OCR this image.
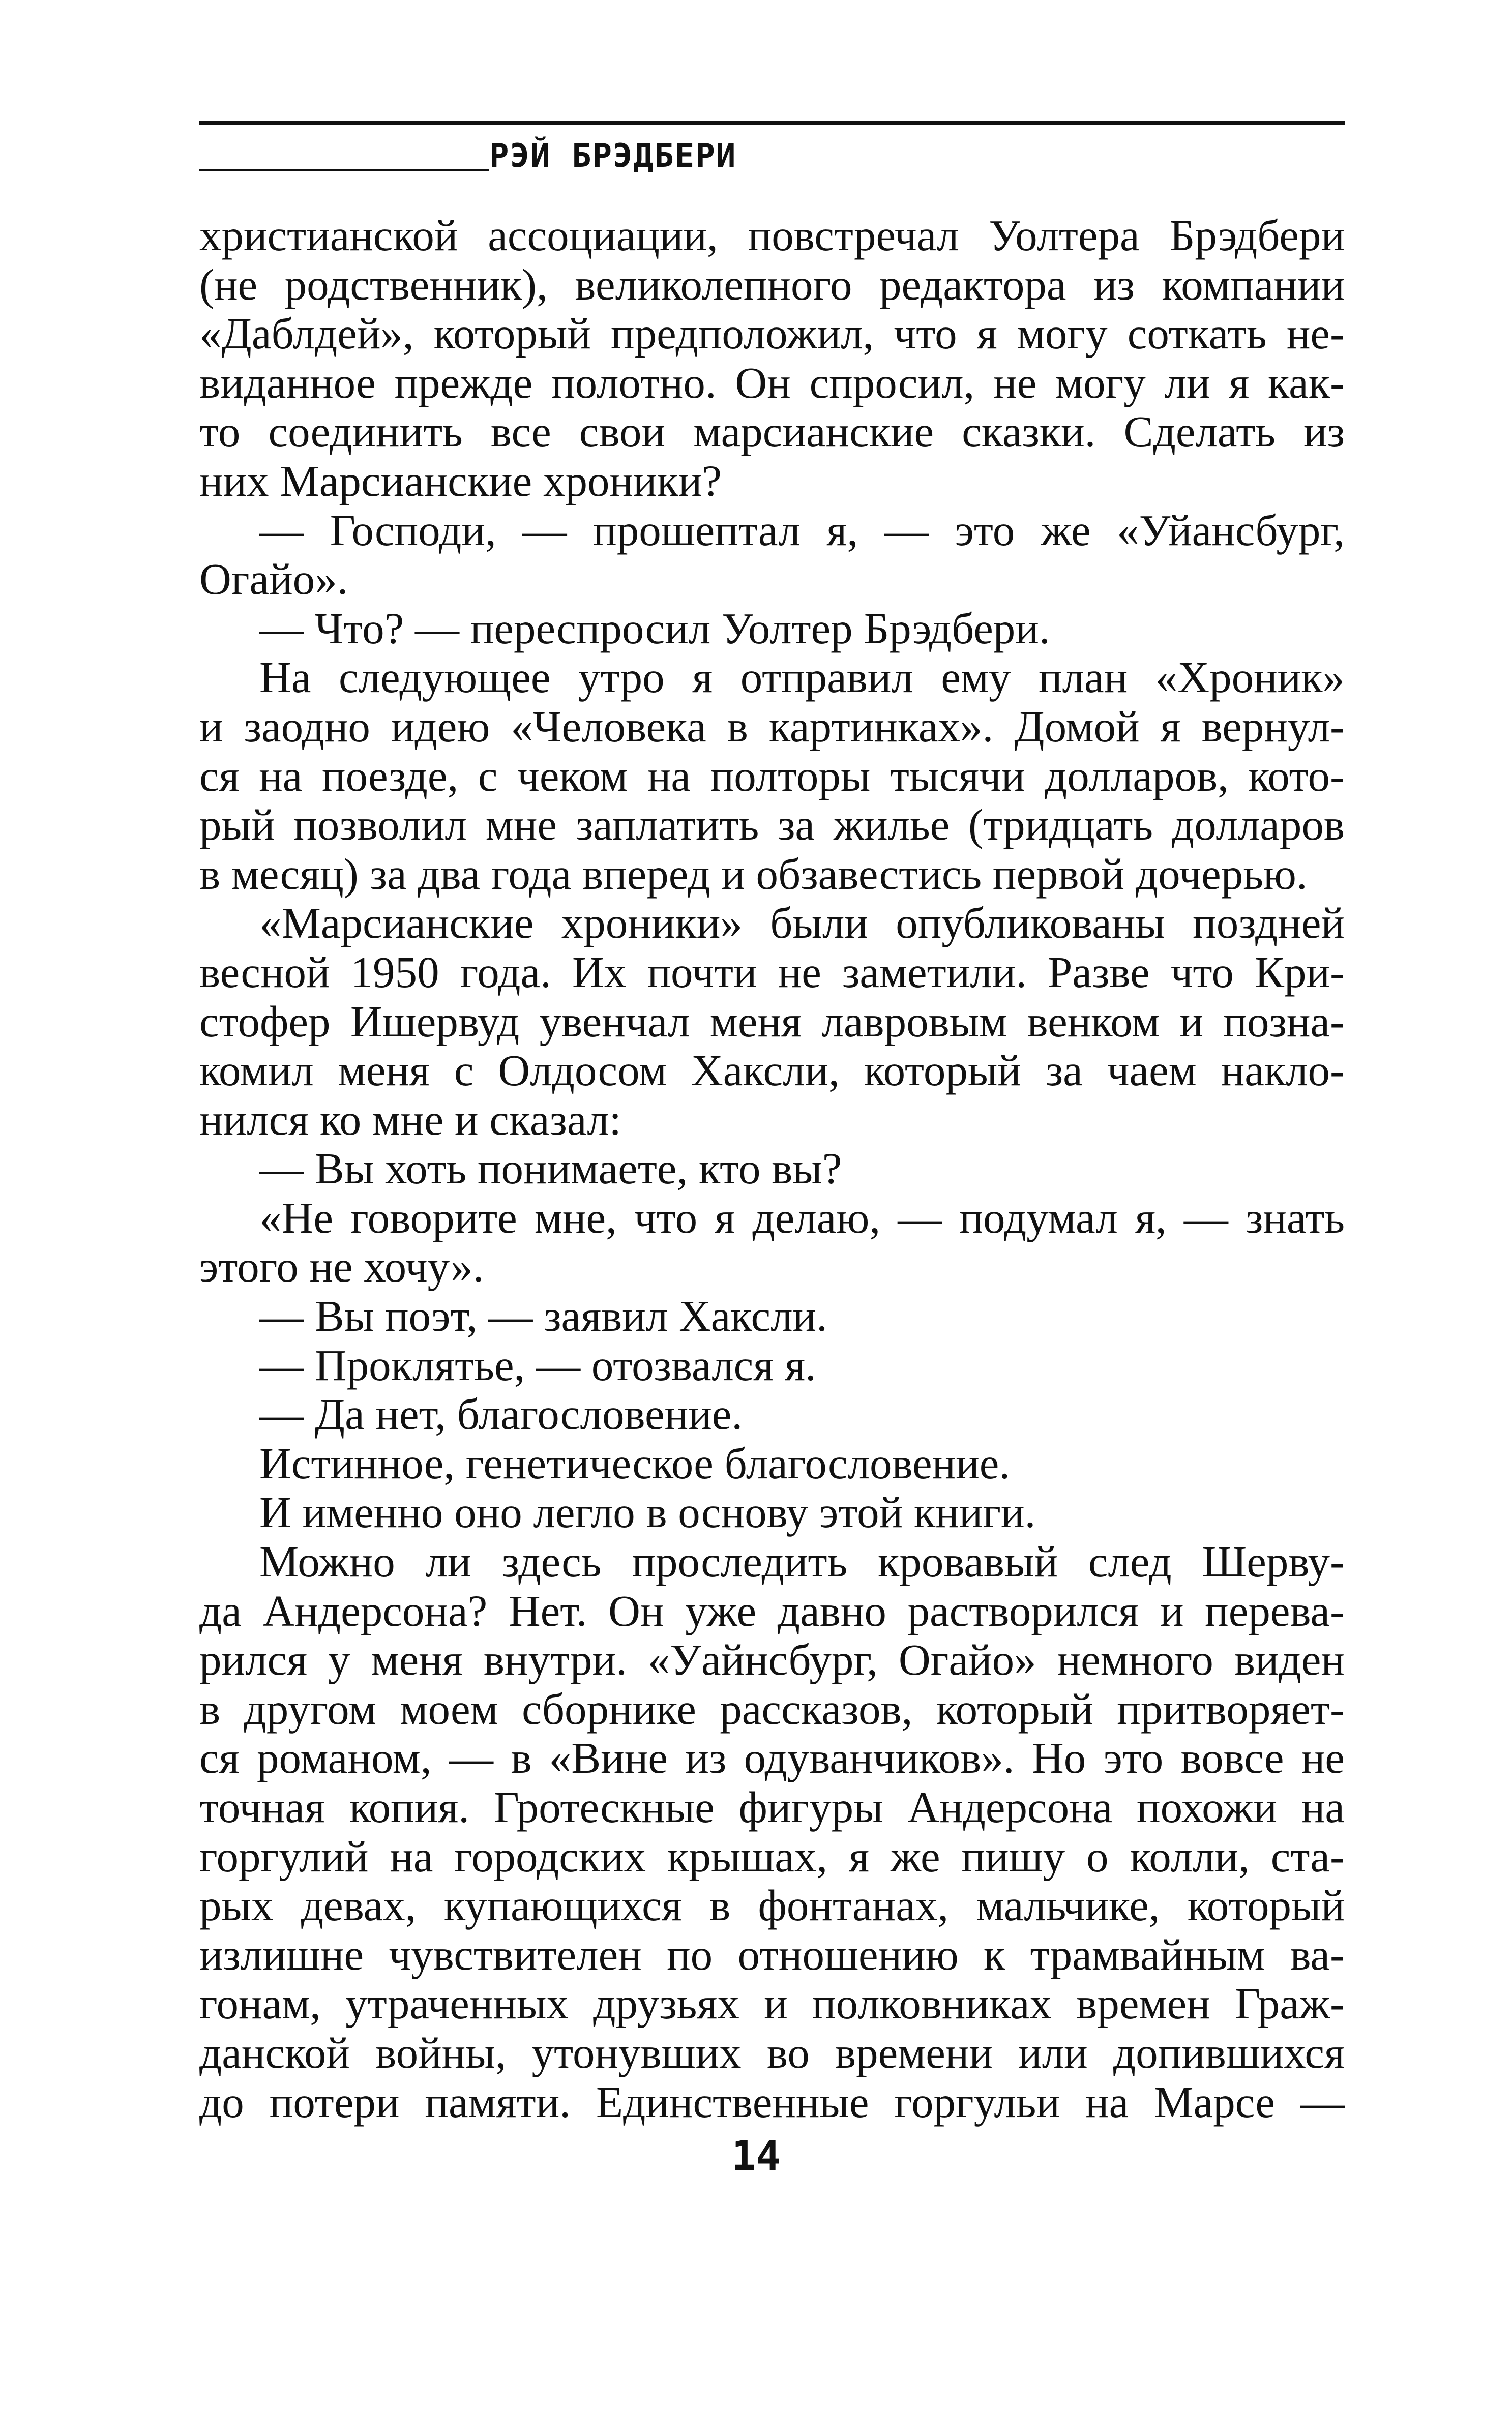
РЭЙ БРЭДБЕРИ
христианской ассоциации, повстречал Уолтера Брэдбери
(не родственник), великолепного редактора из компании
«Даблдей», который предположил, что я могу соткать не-
виданное прежде полотно. Он спросил, не могу ли я как-
то соединить все свои марсианские сказки. Сделать из
них Марсианские хроники?
— Господи, — прошептал я, — это же «Уйансбург,
Огайо».
— Что? — переспросил Уолтер Брэдбери.
На следующее утро я отправил ему план «Хроник»
и заодно идею «Человека в картинках». Домой я вернул-
ся на поезде, с чеком на полторы тысячи долларов, кото-
рый позволил мне заплатить за жилье (тридцать долларов
в месяц) за два года вперед и обзавестись первой дочерью.
«Марсианские хроники» были опубликованы поздней
весной 1950 года. Их почти не заметили. Разве что Кри-
стофер Ишервуд увенчал меня лавровым венком и позна-
комил меня с Олдосом Хаксли, который за чаем накло-
нился ко мне и сказал:
— Вы хоть понимаете, кто вы?
«Не говорите мне, что я делаю, — подумал я, — знать
этого не хочу».
— Вы поэт, — заявил Хаксли.
— Проклятье, — отозвался я.
— Да нет, благословение.
Истинное, генетическое благословение.
И именно оно легло в основу этой книги.
Можно ли здесь проследить кровавый след Шерву-
да Андерсона? Нет. Он уже давно растворился и перева-
рился у меня внутри. «Уайнсбург, Огайо» немного виден
в другом моем сборнике рассказов, который притворяет-
ся романом, — в «Вине из одуванчиков». Но это вовсе не
точная копия. Гротескные фигуры Андерсона похожи на
горгулий на городских крышах, я же пишу о колли, ста-
рых девах, купающихся в фонтанах, мальчике, который
излишне чувствителен по отношению к трамвайным ва-
гонам, утраченных друзьях и полковниках времен Граж-
данской войны, утонувших во времени или допившихся
до потери памяти. Единственные горгульи на Марсе —
14
